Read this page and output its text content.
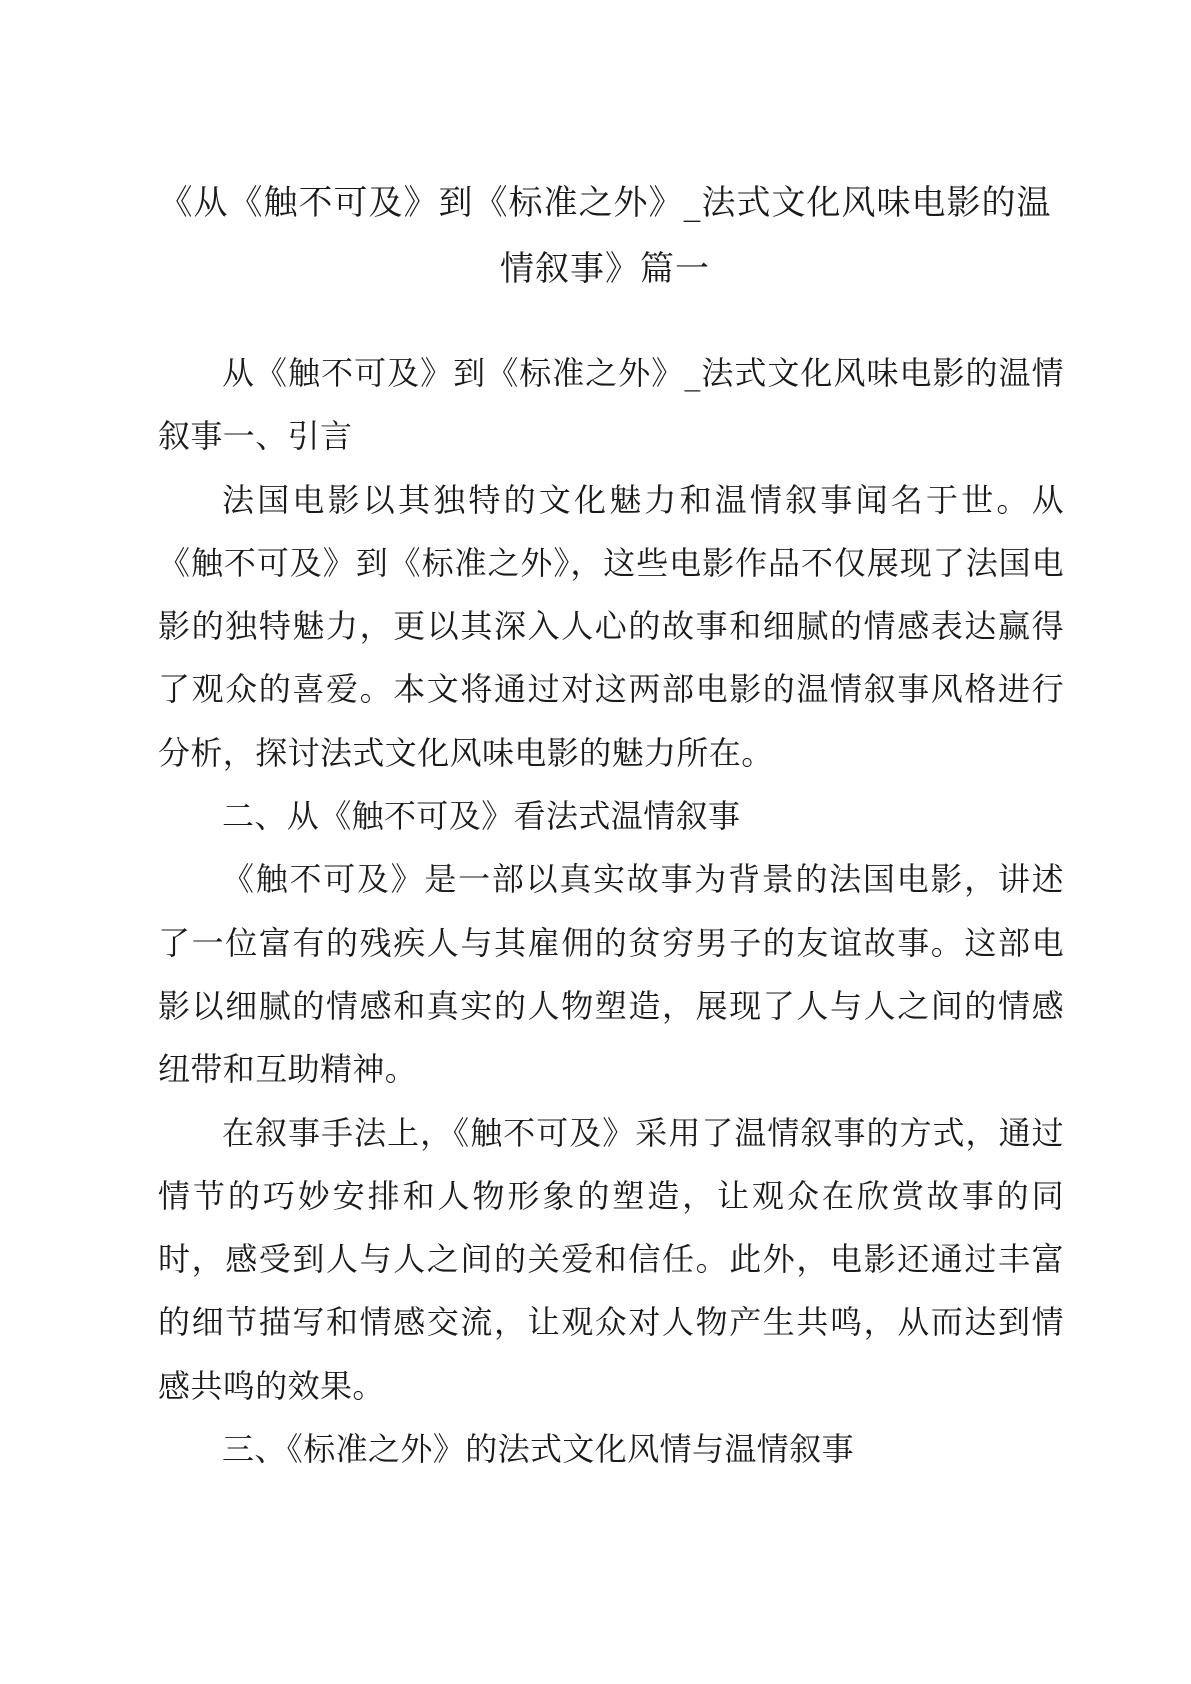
《从《触不可及》到《标准之外》_法式文化风味电影的温情叙事》篇一

从《触不可及》到《标准之外》_法式文化风味电影的温情叙事一、引言

法国电影以其独特的文化魅力和温情叙事闻名于世。从《触不可及》到《标准之外》，这些电影作品不仅展现了法国电影的独特魅力，更以其深入人心的故事和细腻的情感表达赢得了观众的喜爱。本文将通过对这两部电影的温情叙事风格进行分析，探讨法式文化风味电影的魅力所在。

二、从《触不可及》看法式温情叙事

《触不可及》是一部以真实故事为背景的法国电影，讲述了一位富有的残疾人与其雇佣的贫穷男子的友谊故事。这部电影以细腻的情感和真实的人物塑造，展现了人与人之间的情感纽带和互助精神。

在叙事手法上，《触不可及》采用了温情叙事的方式，通过情节的巧妙安排和人物形象的塑造，让观众在欣赏故事的同时，感受到人与人之间的关爱和信任。此外，电影还通过丰富的细节描写和情感交流，让观众对人物产生共鸣，从而达到情感共鸣的效果。

三、《标准之外》的法式文化风情与温情叙事
